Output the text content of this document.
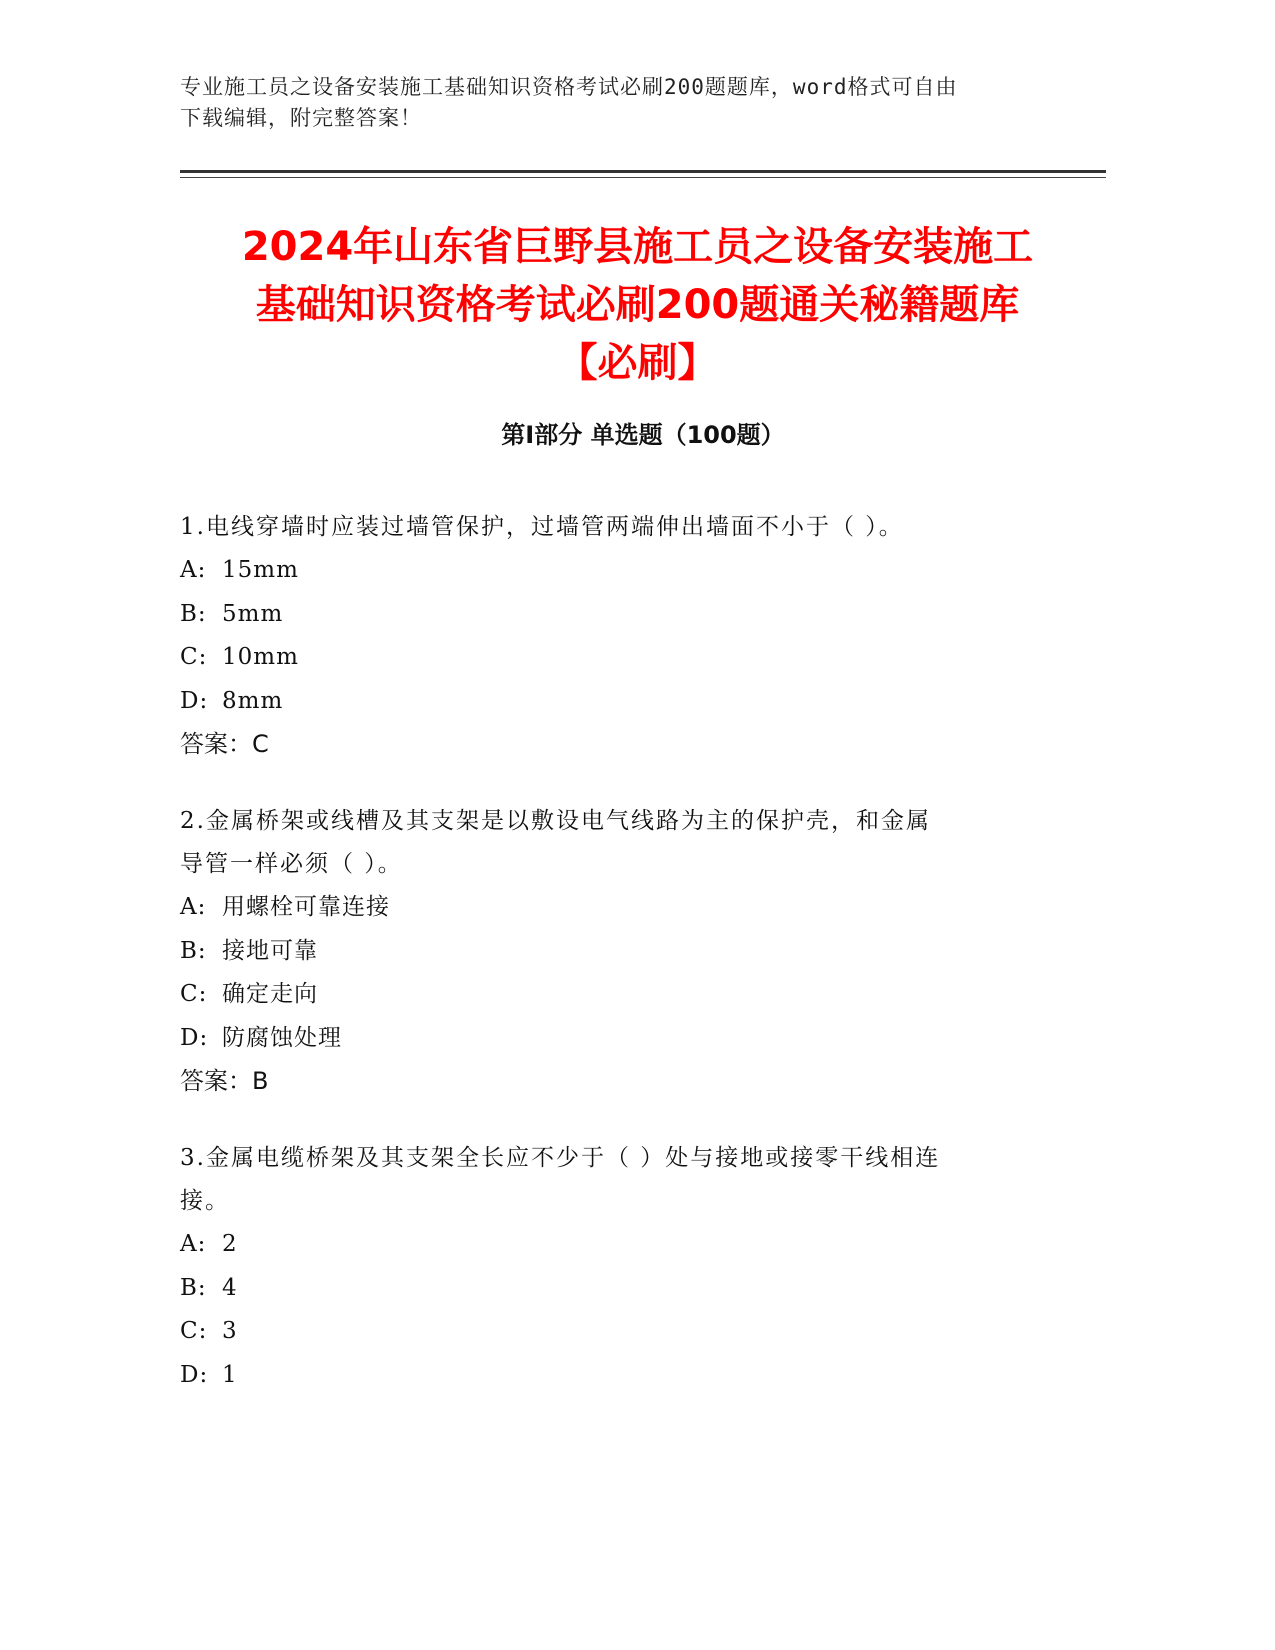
专业施工员之设备安装施工基础知识资格考试必刷200题题库，word格式可自由
下载编辑，附完整答案！
2024年山东省巨野县施工员之设备安装施工
基础知识资格考试必刷200题通关秘籍题库
【必刷】
第Ⅰ部分 单选题（100题）
1.电线穿墙时应装过墙管保护，过墙管两端伸出墙面不小于（ ）。
A: 15mm
B: 5mm
C: 10mm
D: 8mm
答案：C
2.金属桥架或线槽及其支架是以敷设电气线路为主的保护壳，和金属
导管一样必须（ ）。
A: 用螺栓可靠连接
B: 接地可靠
C: 确定走向
D: 防腐蚀处理
答案：B
3.金属电缆桥架及其支架全长应不少于（ ）处与接地或接零干线相连
接。
A: 2
B: 4
C: 3
D: 1
